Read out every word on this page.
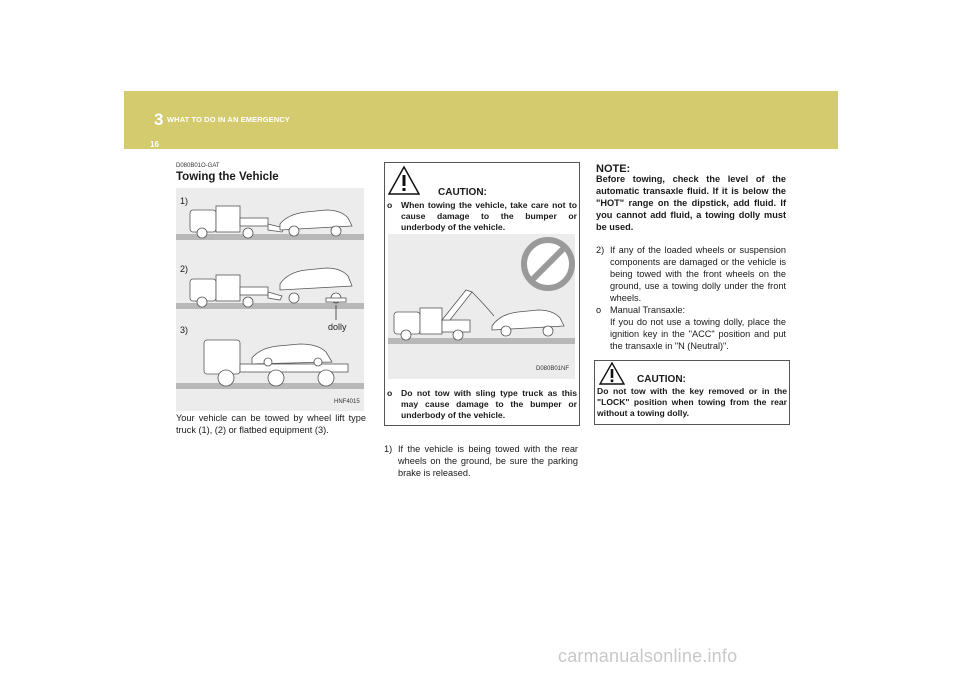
3 WHAT TO DO IN AN EMERGENCY
16
D080B01O-GAT
Towing the Vehicle
1)
2)
3)	dolly
HNF4015
Your vehicle can be towed by wheel lift type truck (1), (2) or flatbed equipment (3).
CAUTION:
o When towing the vehicle, take care not to cause damage to the bumper or underbody of the vehicle.
D080B01NF
o Do not tow with sling type truck as this may cause damage to the bumper or underbody of the vehicle.
1) If the vehicle is being towed with the rear wheels on the ground, be sure the parking brake is released.
NOTE:
Before towing, check the level of the automatic transaxle fluid. If it is below the "HOT" range on the dipstick, add fluid. If you cannot add fluid, a towing dolly must be used.
2) If any of the loaded wheels or suspension components are damaged or the vehicle is being towed with the front wheels on the ground, use a towing dolly under the front wheels.
o Manual Transaxle:
If you do not use a towing dolly, place the ignition key in the "ACC" position and put the transaxle in "N (Neutral)".
CAUTION:
Do not tow with the key removed or in the "LOCK" position when towing from the rear without a towing dolly.
carmanualsonline.info
